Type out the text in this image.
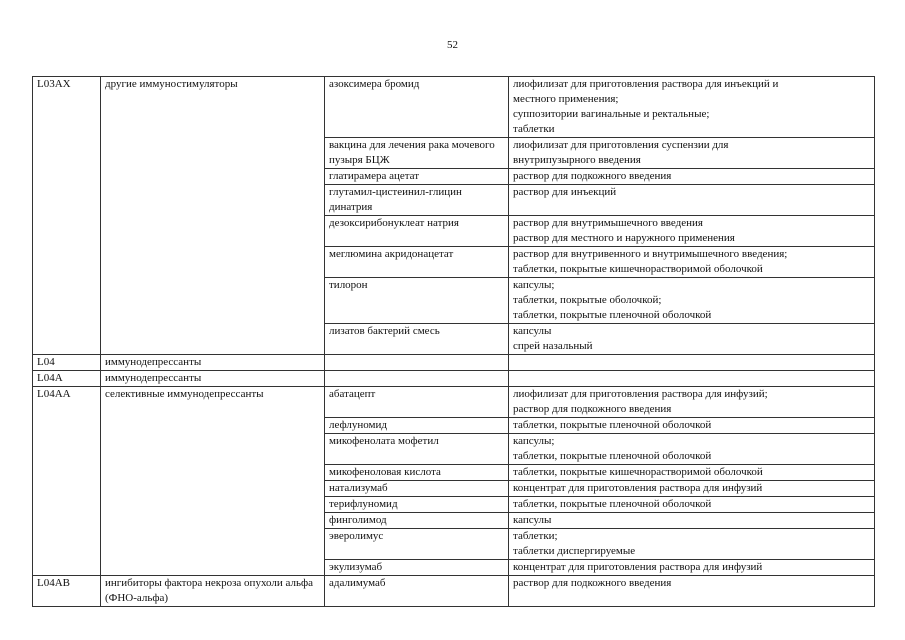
52
L03AX	другие иммуностимуляторы	азоксимера бромид	лиофилизат для приготовления раствора для инъекций и
местного применения;
суппозитории вагинальные и ректальные;
таблетки

		вакцина для лечения рака мочевого пузыря БЦЖ	лиофилизат для приготовления суспензии для
внутрипузырного введения

		глатирамера ацетат	раствор для подкожного введения

		глутамил-цистеинил-глицин динатрия	раствор для инъекций

		дезоксирибонуклеат натрия	раствор для внутримышечного введения
раствор для местного и наружного применения

		меглюмина акридонацетат	раствор для внутривенного и внутримышечного введения;
таблетки, покрытые кишечнорастворимой оболочкой

		тилорон	капсулы;
таблетки, покрытые оболочкой;
таблетки, покрытые пленочной оболочкой

		лизатов бактерий смесь	капсулы
спрей назальный

L04	иммунодепрессанты		
L04A	иммунодепрессанты		
L04AA	селективные иммунодепрессанты	абатацепт	лиофилизат для приготовления раствора для инфузий;
раствор для подкожного введения

		лефлуномид	таблетки, покрытые пленочной оболочкой

		микофенолата мофетил	капсулы;
таблетки, покрытые пленочной оболочкой

		микофеноловая кислота	таблетки, покрытые кишечнорастворимой оболочкой

		натализумаб	концентрат для приготовления раствора для инфузий

		терифлуномид	таблетки, покрытые пленочной оболочкой

		финголимод	капсулы

		эверолимус	таблетки;
таблетки диспергируемые

		экулизумаб	концентрат для приготовления раствора для инфузий

L04AB	ингибиторы фактора некроза опухоли альфа (ФНО-альфа)	адалимумаб	раствор для подкожного введения
